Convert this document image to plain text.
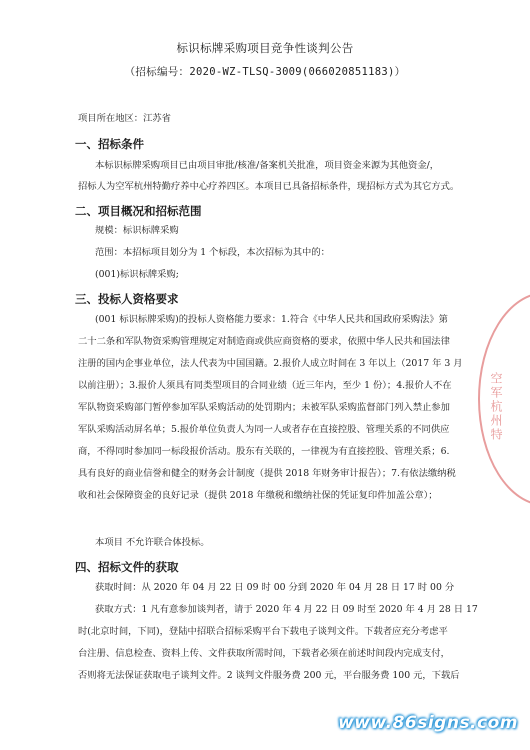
标识标牌采购项目竞争性谈判公告
（招标编号：2020-WZ-TLSQ-3009(066020851183)）
项目所在地区：江苏省
一、招标条件
本标识标牌采购项目已由项目审批/核准/备案机关批准，项目资金来源为其他资金/，
招标人为空军杭州特勤疗养中心疗养四区。本项目已具备招标条件，现招标方式为其它方式。
二、项目概况和招标范围
规模：标识标牌采购
范围：本招标项目划分为 1 个标段，本次招标为其中的：
(001)标识标牌采购;
三、投标人资格要求
(001 标识标牌采购)的投标人资格能力要求：1.符合《中华人民共和国政府采购法》第
二十二条和军队物资采购管理规定对制造商或供应商资格的要求，依照中华人民共和国法律
注册的国内企事业单位，法人代表为中国国籍。2.报价人成立时间在 3 年以上（2017 年 3 月
以前注册）；3.报价人须具有同类型项目的合同业绩（近三年内，至少 1 份）；4.报价人不在
军队物资采购部门暂停参加军队采购活动的处罚期内；未被军队采购监督部门列入禁止参加
军队采购活动屏名单；5.报价单位负责人为同一人或者存在直接控股、管理关系的不同供应
商，不得同时参加同一标段报价活动。股东有关联的，一律视为有直接控股、管理关系；6.
具有良好的商业信誉和健全的财务会计制度（提供 2018 年财务审计报告）；7.有依法缴纳税
收和社会保障资金的良好记录（提供 2018 年缴税和缴纳社保的凭证复印件加盖公章）；
本项目 不允许联合体投标。
四、招标文件的获取
获取时间：从 2020 年 04 月 22 日 09 时 00 分到 2020 年 04 月 28 日 17 时 00 分
获取方式：1 凡有意参加谈判者，请于 2020 年 4 月 22 日 09 时至 2020 年 4 月 28 日 17
时(北京时间，下同)，登陆中招联合招标采购平台下载电子谈判文件。下载者应充分考虑平
台注册、信息检查、资料上传、文件获取所需时间，下载者必须在前述时间段内完成支付，
否则将无法保证获取电子谈判文件。2 谈判文件服务费 200 元，平台服务费 100 元，下载后
空军杭州特
www.86signs.com
